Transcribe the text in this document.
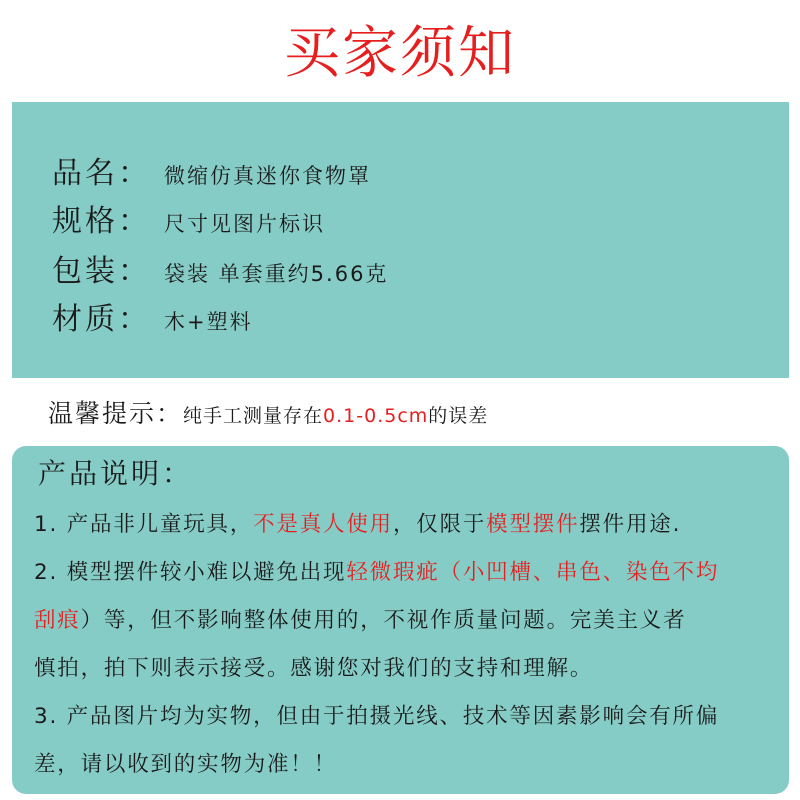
买家须知
品名： 微缩仿真迷你食物罩
规格： 尺寸见图片标识
包装： 袋装 单套重约5.66克
材质： 木+塑料
温馨提示： 纯手工测量存在 0.1-0.5cm 的误差
产品说明：
1. 产品非儿童玩具，不是真人使用，仅限于模型摆件摆件用途.
2. 模型摆件较小难以避免出现轻微瑕疵（小凹槽、串色、染色不均
刮痕）等，但不影响整体使用的，不视作质量问题。完美主义者
慎拍，拍下则表示接受。感谢您对我们的支持和理解。
3. 产品图片均为实物，但由于拍摄光线、技术等因素影响会有所偏
差，请以收到的实物为准！！
